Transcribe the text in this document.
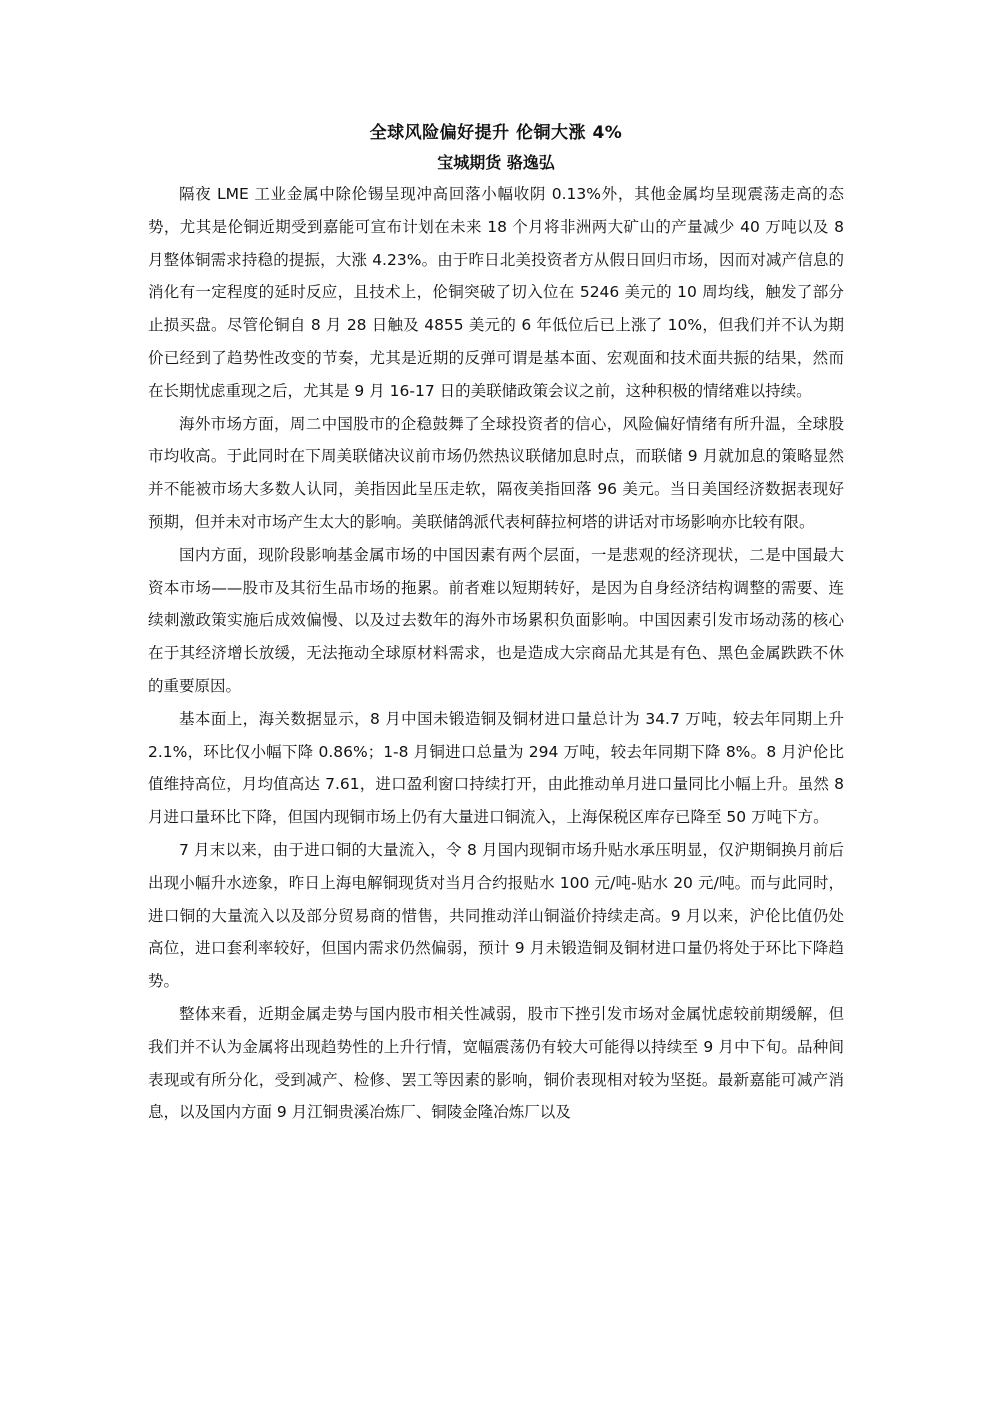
全球风险偏好提升 伦铜大涨 4%
宝城期货 骆逸弘

隔夜 LME 工业金属中除伦锡呈现冲高回落小幅收阴 0.13%外，其他金属均呈现震荡走高的态势，尤其是伦铜近期受到嘉能可宣布计划在未来 18 个月将非洲两大矿山的产量减少 40 万吨以及 8 月整体铜需求持稳的提振，大涨 4.23%。由于昨日北美投资者方从假日回归市场，因而对减产信息的消化有一定程度的延时反应，且技术上，伦铜突破了切入位在 5246 美元的 10 周均线，触发了部分止损买盘。尽管伦铜自 8 月 28 日触及 4855 美元的 6 年低位后已上涨了 10%，但我们并不认为期价已经到了趋势性改变的节奏，尤其是近期的反弹可谓是基本面、宏观面和技术面共振的结果，然而在长期忧虑重现之后，尤其是 9 月 16-17 日的美联储政策会议之前，这种积极的情绪难以持续。

海外市场方面，周二中国股市的企稳鼓舞了全球投资者的信心，风险偏好情绪有所升温，全球股市均收高。于此同时在下周美联储决议前市场仍然热议联储加息时点，而联储 9 月就加息的策略显然并不能被市场大多数人认同，美指因此呈压走软，隔夜美指回落 96 美元。当日美国经济数据表现好预期，但并未对市场产生太大的影响。美联储鸽派代表柯薛拉柯塔的讲话对市场影响亦比较有限。

国内方面，现阶段影响基金属市场的中国因素有两个层面，一是悲观的经济现状，二是中国最大资本市场——股市及其衍生品市场的拖累。前者难以短期转好，是因为自身经济结构调整的需要、连续刺激政策实施后成效偏慢、以及过去数年的海外市场累积负面影响。中国因素引发市场动荡的核心在于其经济增长放缓，无法拖动全球原材料需求，也是造成大宗商品尤其是有色、黑色金属跌跌不休的重要原因。

基本面上，海关数据显示，8 月中国未锻造铜及铜材进口量总计为 34.7 万吨，较去年同期上升 2.1%，环比仅小幅下降 0.86%；1-8 月铜进口总量为 294 万吨，较去年同期下降 8%。8 月沪伦比值维持高位，月均值高达 7.61，进口盈利窗口持续打开，由此推动单月进口量同比小幅上升。虽然 8 月进口量环比下降，但国内现铜市场上仍有大量进口铜流入，上海保税区库存已降至 50 万吨下方。

7 月末以来，由于进口铜的大量流入，令 8 月国内现铜市场升贴水承压明显，仅沪期铜换月前后出现小幅升水迹象，昨日上海电解铜现货对当月合约报贴水 100 元/吨-贴水 20 元/吨。而与此同时，进口铜的大量流入以及部分贸易商的惜售，共同推动洋山铜溢价持续走高。9 月以来，沪伦比值仍处高位，进口套利率较好，但国内需求仍然偏弱，预计 9 月未锻造铜及铜材进口量仍将处于环比下降趋势。

整体来看，近期金属走势与国内股市相关性减弱，股市下挫引发市场对金属忧虑较前期缓解，但我们并不认为金属将出现趋势性的上升行情，宽幅震荡仍有较大可能得以持续至 9 月中下旬。品种间表现或有所分化，受到减产、检修、罢工等因素的影响，铜价表现相对较为坚挺。最新嘉能可减产消息，以及国内方面 9 月江铜贵溪冶炼厂、铜陵金隆冶炼厂以及
